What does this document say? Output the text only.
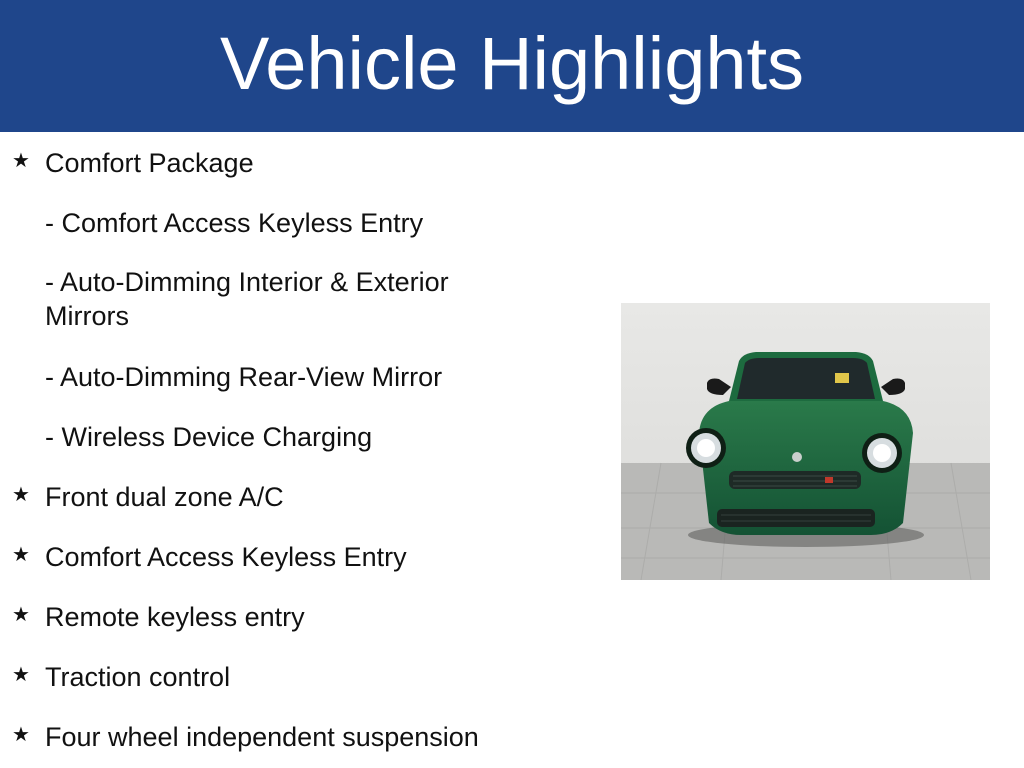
Vehicle Highlights
★ Comfort Package
- Comfort Access Keyless Entry
- Auto-Dimming Interior & Exterior Mirrors
- Auto-Dimming Rear-View Mirror
- Wireless Device Charging
★ Front dual zone A/C
★ Comfort Access Keyless Entry
★ Remote keyless entry
★ Traction control
★ Four wheel independent suspension
